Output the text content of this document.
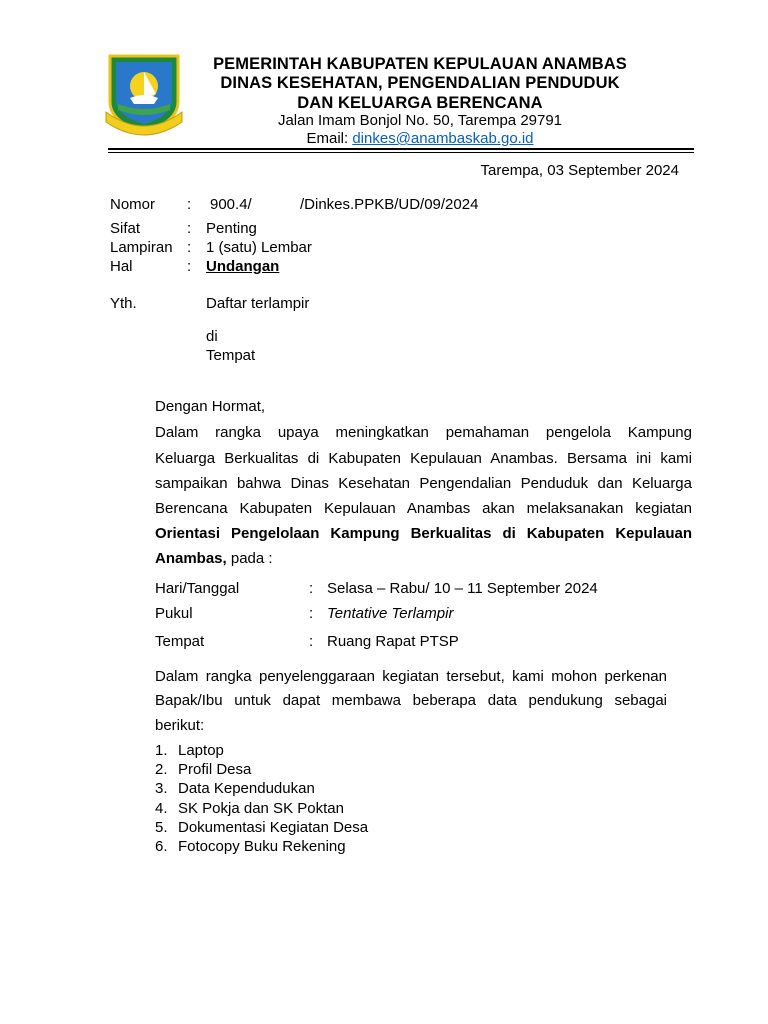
PEMERINTAH KABUPATEN KEPULAUAN ANAMBAS
DINAS KESEHATAN, PENGENDALIAN PENDUDUK
DAN KELUARGA BERENCANA
Jalan Imam Bonjol No. 50, Tarempa 29791
Email: dinkes@anambaskab.go.id
Tarempa, 03 September 2024
Nomor : 900.4/	/Dinkes.PPKB/UD/09/2024
Sifat	: Penting
Lampiran : 1 (satu) Lembar
Hal	: Undangan
Yth.	Daftar terlampir
di
Tempat
Dengan Hormat,
Dalam rangka upaya meningkatkan pemahaman pengelola Kampung
Keluarga Berkualitas di Kabupaten Kepulauan Anambas. Bersama ini kami
sampaikan bahwa Dinas Kesehatan Pengendalian Penduduk dan Keluarga
Berencana Kabupaten Kepulauan Anambas akan melaksanakan kegiatan
Orientasi Pengelolaan Kampung Berkualitas di Kabupaten Kepulauan
Anambas, pada :
Hari/Tanggal	: Selasa – Rabu/ 10 – 11 September 2024
Pukul	: Tentative Terlampir
Tempat	: Ruang Rapat PTSP
Dalam rangka penyelenggaraan kegiatan tersebut, kami mohon perkenan
Bapak/Ibu untuk dapat membawa beberapa data pendukung sebagai
berikut:
1. Laptop
2. Profil Desa
3. Data Kependudukan
4. SK Pokja dan SK Poktan
5. Dokumentasi Kegiatan Desa
6. Fotocopy Buku Rekening
